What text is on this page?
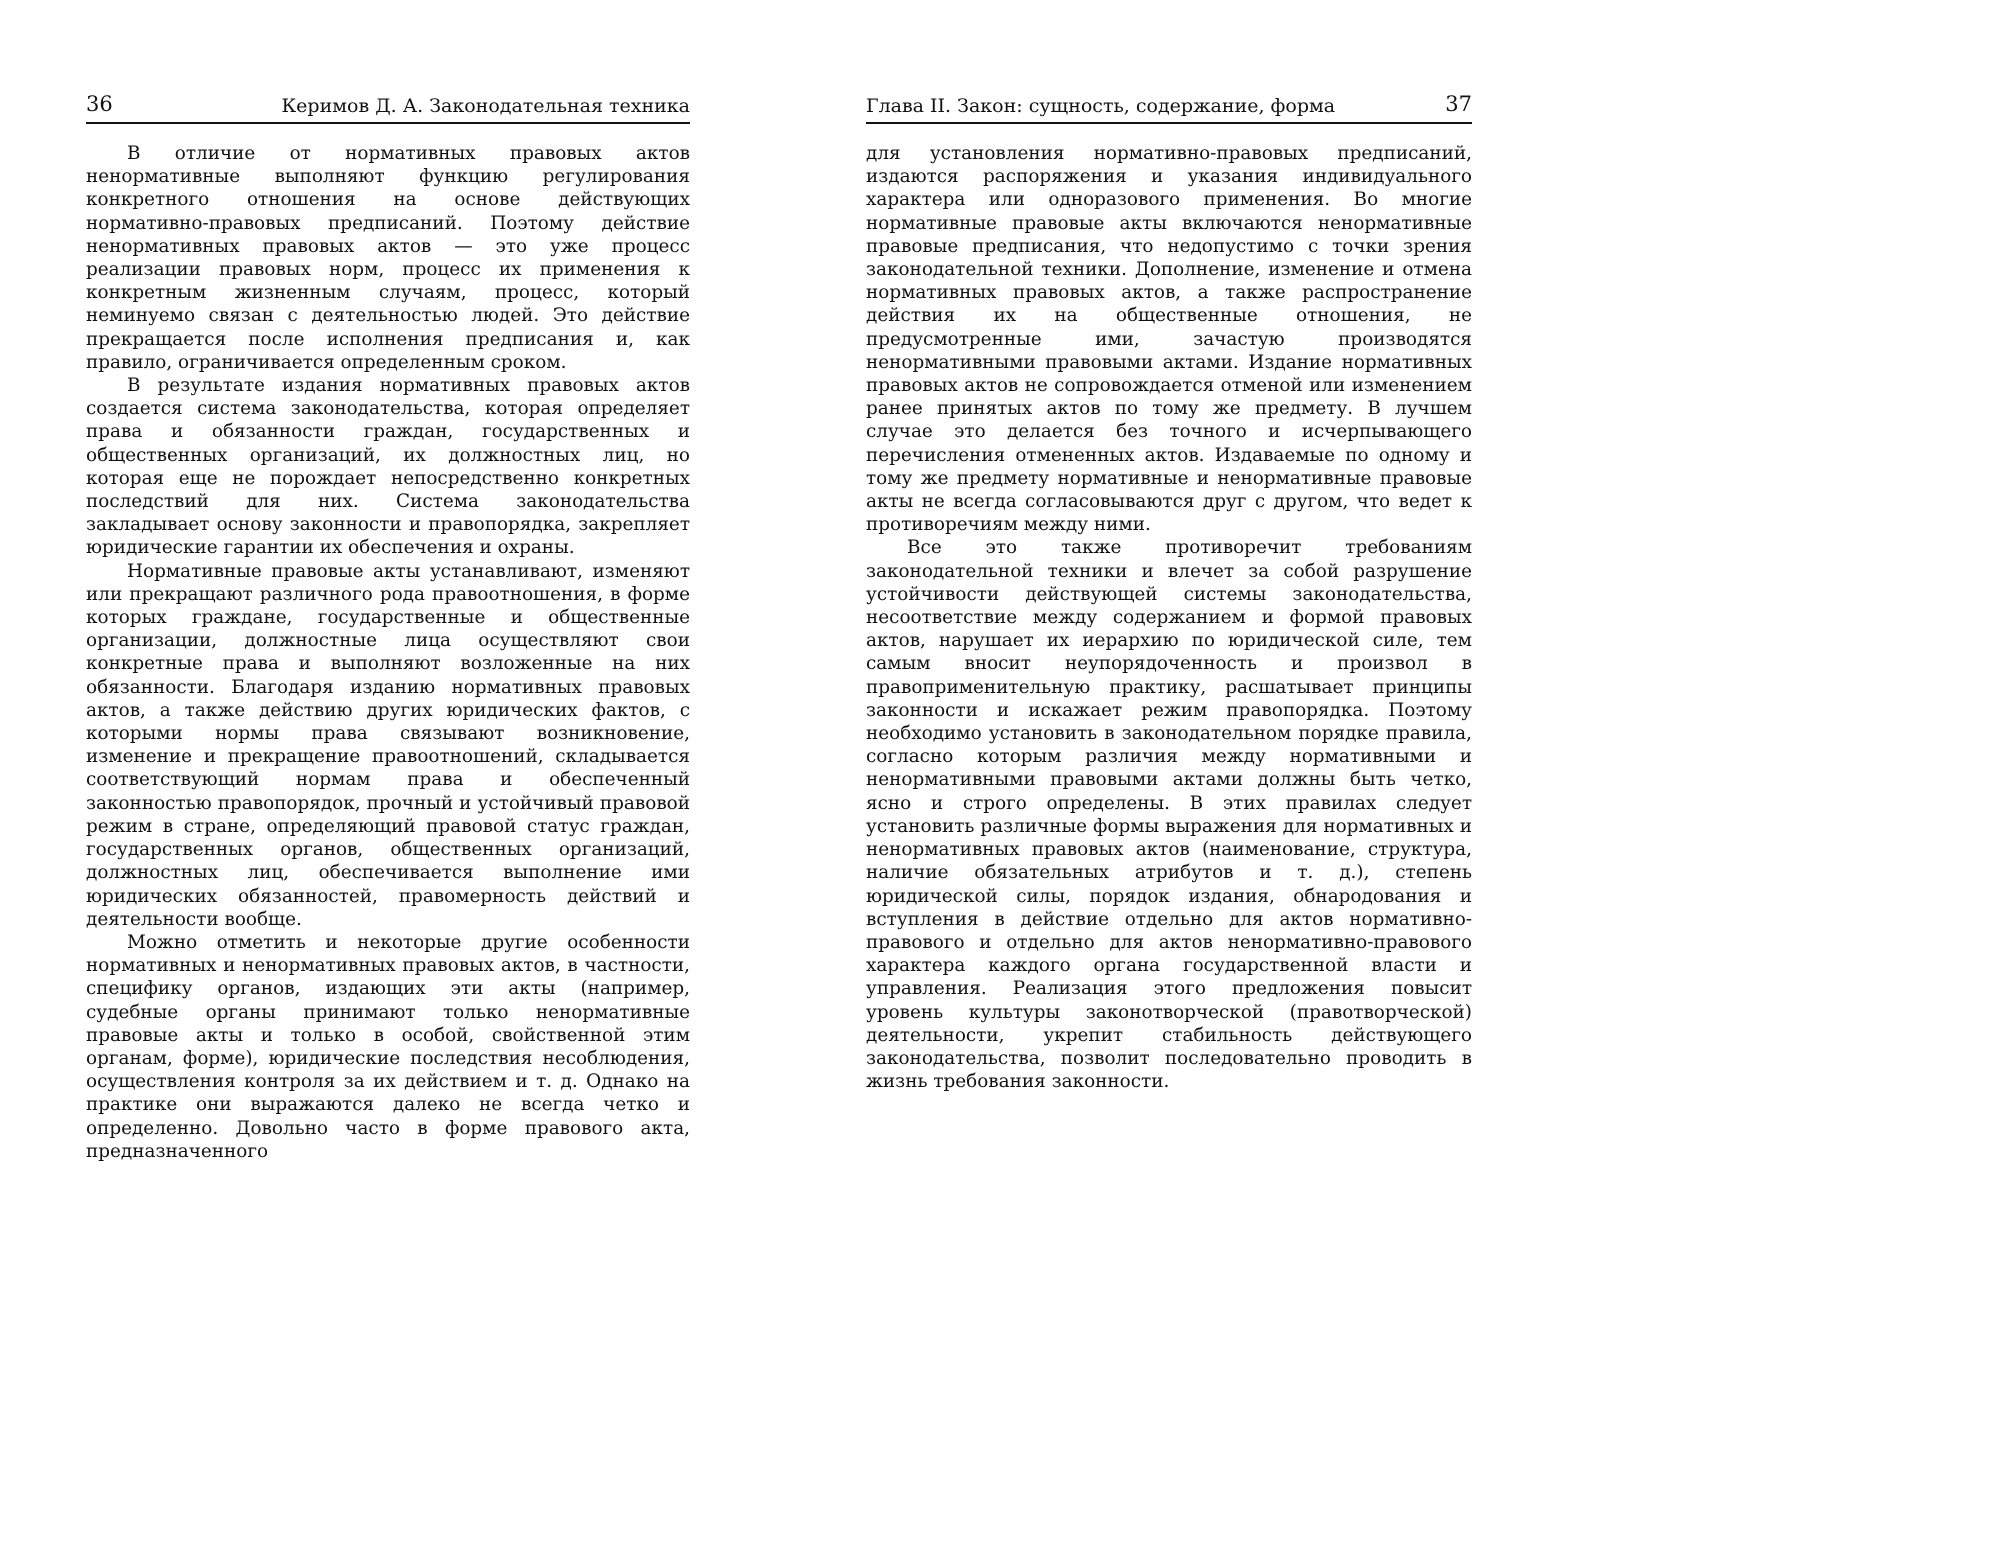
36	Керимов Д. А. Законодательная техника

В отличие от нормативных правовых актов ненормативные выполняют функцию регулирования конкретного отношения на основе действующих нормативно-правовых предписаний. Поэтому действие ненормативных правовых актов — это уже процесс реализации правовых норм, процесс их применения к конкретным жизненным случаям, процесс, который неминуемо связан с деятельностью людей. Это действие прекращается после исполнения предписания и, как правило, ограничивается определенным сроком.

В результате издания нормативных правовых актов создается система законодательства, которая определяет права и обязанности граждан, государственных и общественных организаций, их должностных лиц, но которая еще не порождает непосредственно конкретных последствий для них. Система законодательства закладывает основу законности и правопорядка, закрепляет юридические гарантии их обеспечения и охраны.

Нормативные правовые акты устанавливают, изменяют или прекращают различного рода правоотношения, в форме которых граждане, государственные и общественные организации, должностные лица осуществляют свои конкретные права и выполняют возложенные на них обязанности. Благодаря изданию нормативных правовых актов, а также действию других юридических фактов, с которыми нормы права связывают возникновение, изменение и прекращение правоотношений, складывается соответствующий нормам права и обеспеченный законностью правопорядок, прочный и устойчивый правовой режим в стране, определяющий правовой статус граждан, государственных органов, общественных организаций, должностных лиц, обеспечивается выполнение ими юридических обязанностей, правомерность действий и деятельности вообще.

Можно отметить и некоторые другие особенности нормативных и ненормативных правовых актов, в частности, специфику органов, издающих эти акты (например, судебные органы принимают только ненормативные правовые акты и только в особой, свойственной этим органам, форме), юридические последствия несоблюдения, осуществления контроля за их действием и т. д. Однако на практике они выражаются далеко не всегда четко и определенно. Довольно часто в форме правового акта, предназначенного

Глава II. Закон: сущность, содержание, форма	37

для установления нормативно-правовых предписаний, издаются распоряжения и указания индивидуального характера или одноразового применения. Во многие нормативные правовые акты включаются ненормативные правовые предписания, что недопустимо с точки зрения законодательной техники. Дополнение, изменение и отмена нормативных правовых актов, а также распространение действия их на общественные отношения, не предусмотренные ими, зачастую производятся ненормативными правовыми актами. Издание нормативных правовых актов не сопровождается отменой или изменением ранее принятых актов по тому же предмету. В лучшем случае это делается без точного и исчерпывающего перечисления отмененных актов. Издаваемые по одному и тому же предмету нормативные и ненормативные правовые акты не всегда согласовываются друг с другом, что ведет к противоречиям между ними.

Все это также противоречит требованиям законодательной техники и влечет за собой разрушение устойчивости действующей системы законодательства, несоответствие между содержанием и формой правовых актов, нарушает их иерархию по юридической силе, тем самым вносит неупорядоченность и произвол в правоприменительную практику, расшатывает принципы законности и искажает режим правопорядка. Поэтому необходимо установить в законодательном порядке правила, согласно которым различия между нормативными и ненормативными правовыми актами должны быть четко, ясно и строго определены. В этих правилах следует установить различные формы выражения для нормативных и ненормативных правовых актов (наименование, структура, наличие обязательных атрибутов и т. д.), степень юридической силы, порядок издания, обнародования и вступления в действие отдельно для актов нормативно-правового и отдельно для актов ненормативно-правового характера каждого органа государственной власти и управления. Реализация этого предложения повысит уровень культуры законотворческой (правотворческой) деятельности, укрепит стабильность действующего законодательства, позволит последовательно проводить в жизнь требования законности.
